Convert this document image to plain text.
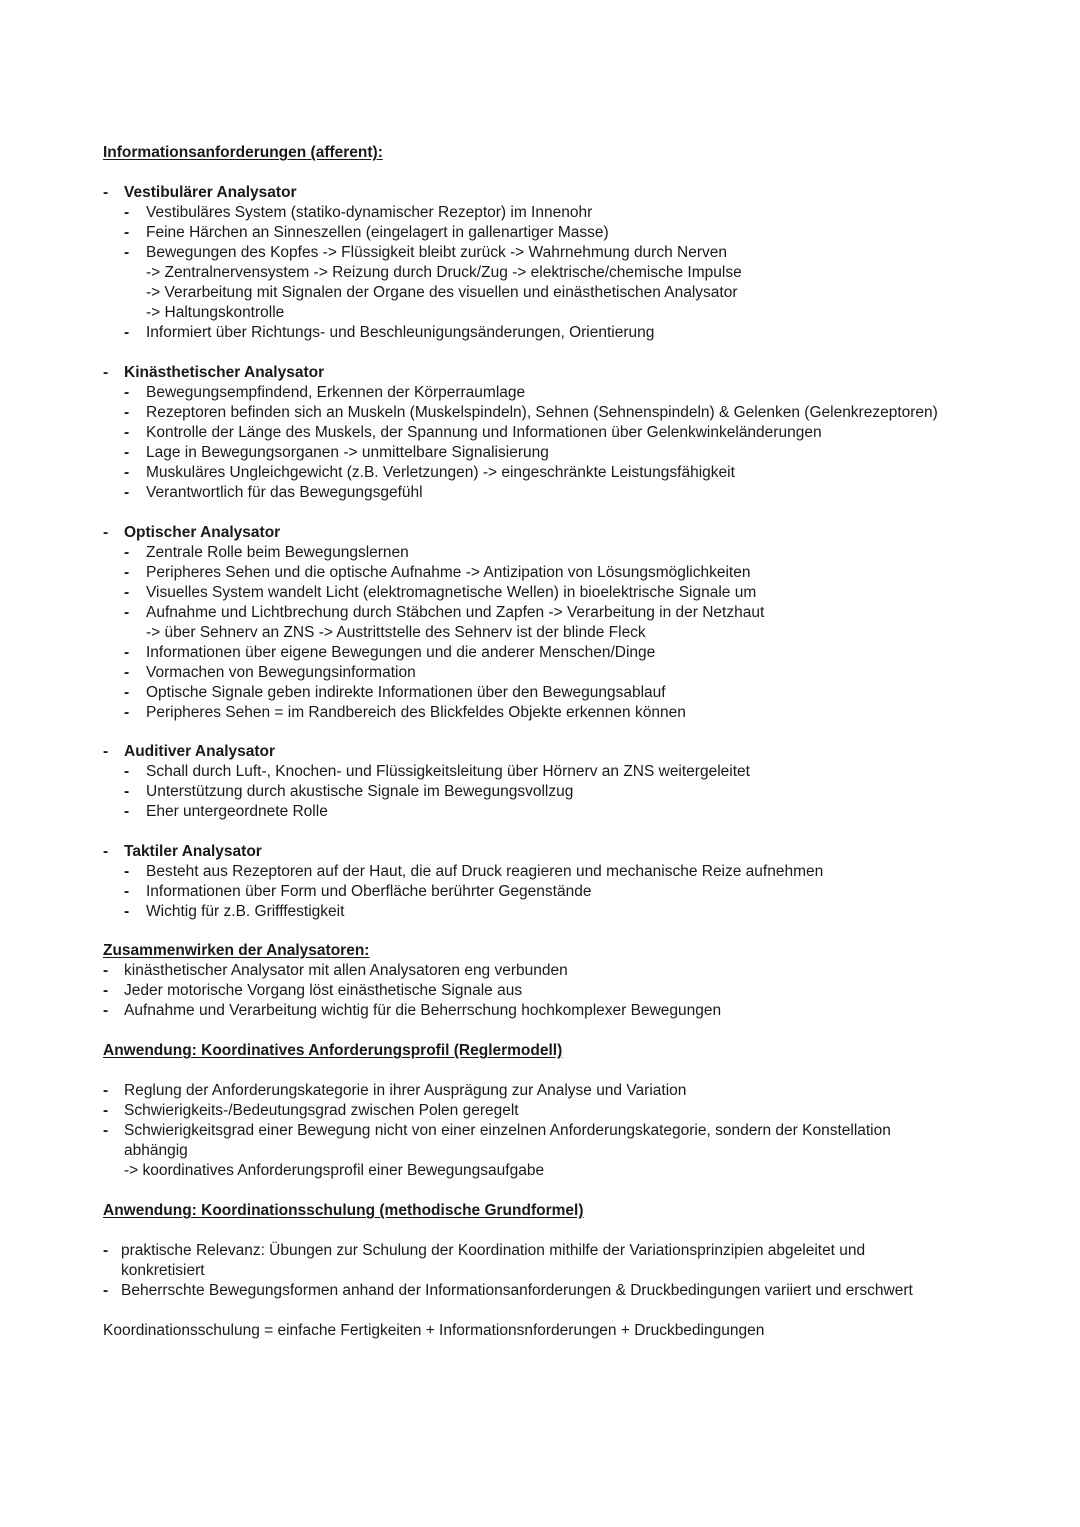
Informationsanforderungen (afferent):
- Vestibulärer Analysator
- Vestibuläres System (statiko-dynamischer Rezeptor) im Innenohr
- Feine Härchen an Sinneszellen (eingelagert in gallenartiger Masse)
- Bewegungen des Kopfes -> Flüssigkeit bleibt zurück -> Wahrnehmung durch Nerven
-> Zentralnervensystem -> Reizung durch Druck/Zug -> elektrische/chemische Impulse
-> Verarbeitung mit Signalen der Organe des visuellen und einästhetischen Analysator
-> Haltungskontrolle
- Informiert über Richtungs- und Beschleunigungsänderungen, Orientierung
- Kinästhetischer Analysator
- Bewegungsempfindend, Erkennen der Körperraumlage
- Rezeptoren befinden sich an Muskeln (Muskelspindeln), Sehnen (Sehnenspindeln) & Gelenken (Gelenkrezeptoren)
- Kontrolle der Länge des Muskels, der Spannung und Informationen über Gelenkwinkeländerungen
- Lage in Bewegungsorganen -> unmittelbare Signalisierung
- Muskuläres Ungleichgewicht (z.B. Verletzungen) -> eingeschränkte Leistungsfähigkeit
- Verantwortlich für das Bewegungsgefühl
- Optischer Analysator
- Zentrale Rolle beim Bewegungslernen
- Peripheres Sehen und die optische Aufnahme -> Antizipation von Lösungsmöglichkeiten
- Visuelles System wandelt Licht (elektromagnetische Wellen) in bioelektrische Signale um
- Aufnahme und Lichtbrechung durch Stäbchen und Zapfen -> Verarbeitung in der Netzhaut
-> über Sehnerv an ZNS -> Austrittstelle des Sehnerv ist der blinde Fleck
- Informationen über eigene Bewegungen und die anderer Menschen/Dinge
- Vormachen von Bewegungsinformation
- Optische Signale geben indirekte Informationen über den Bewegungsablauf
- Peripheres Sehen = im Randbereich des Blickfeldes Objekte erkennen können
- Auditiver Analysator
- Schall durch Luft-, Knochen- und Flüssigkeitsleitung über Hörnerv an ZNS weitergeleitet
- Unterstützung durch akustische Signale im Bewegungsvollzug
- Eher untergeordnete Rolle
- Taktiler Analysator
- Besteht aus Rezeptoren auf der Haut, die auf Druck reagieren und mechanische Reize aufnehmen
- Informationen über Form und Oberfläche berührter Gegenstände
- Wichtig für z.B. Grifffestigkeit
Zusammenwirken der Analysatoren:
- kinästhetischer Analysator mit allen Analysatoren eng verbunden
- Jeder motorische Vorgang löst einästhetische Signale aus
- Aufnahme und Verarbeitung wichtig für die Beherrschung hochkomplexer Bewegungen
Anwendung: Koordinatives Anforderungsprofil (Reglermodell)
- Reglung der Anforderungskategorie in ihrer Ausprägung zur Analyse und Variation
- Schwierigkeits-/Bedeutungsgrad zwischen Polen geregelt
- Schwierigkeitsgrad einer Bewegung nicht von einer einzelnen Anforderungskategorie, sondern der Konstellation
abhängig
-> koordinatives Anforderungsprofil einer Bewegungsaufgabe
Anwendung: Koordinationsschulung (methodische Grundformel)
- praktische Relevanz: Übungen zur Schulung der Koordination mithilfe der Variationsprinzipien abgeleitet und
konkretisiert
- Beherrschte Bewegungsformen anhand der Informationsanforderungen & Druckbedingungen variiert und erschwert
Koordinationsschulung = einfache Fertigkeiten + Informationsnforderungen + Druckbedingungen
